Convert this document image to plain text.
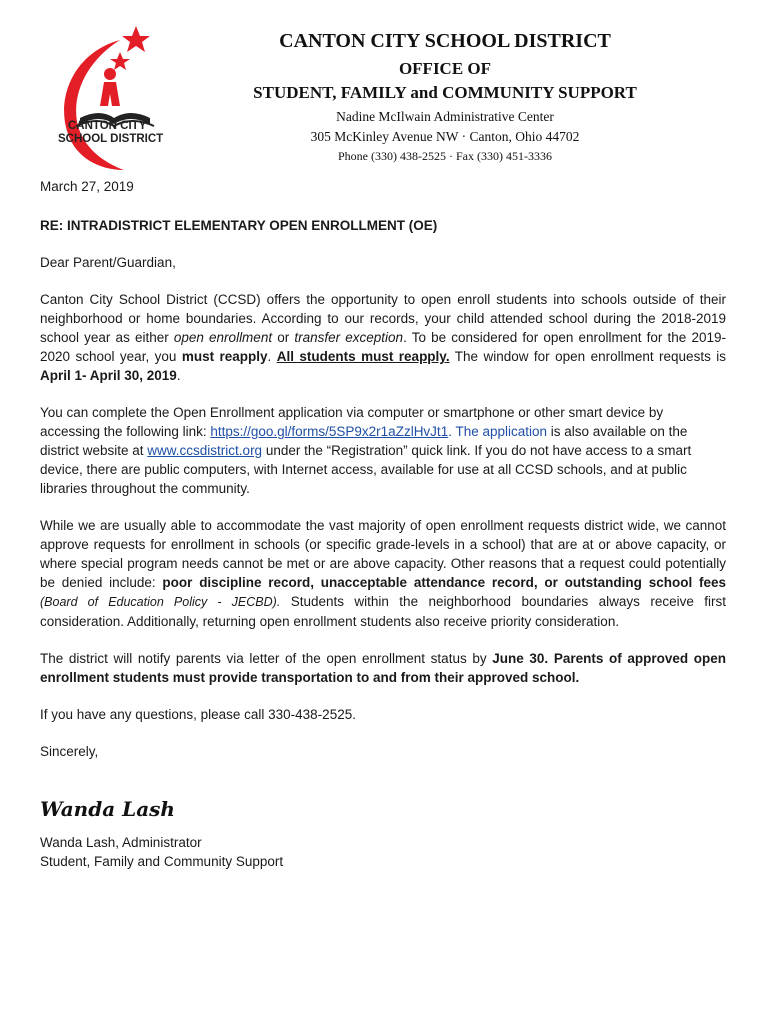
CANTON CITY
SCHOOL DISTRICT
CANTON CITY SCHOOL DISTRICT
OFFICE OF
STUDENT, FAMILY and COMMUNITY SUPPORT
Nadine McIlwain Administrative Center
305 McKinley Avenue NW · Canton, Ohio 44702
Phone (330) 438-2525 · Fax (330) 451-3336

March 27, 2019

RE: INTRADISTRICT ELEMENTARY OPEN ENROLLMENT (OE)

Dear Parent/Guardian,

Canton City School District (CCSD) offers the opportunity to open enroll students into schools outside of their neighborhood or home boundaries. According to our records, your child attended school during the 2018-2019 school year as either open enrollment or transfer exception. To be considered for open enrollment for the 2019-2020 school year, you must reapply. All students must reapply. The window for open enrollment requests is April 1- April 30, 2019.

You can complete the Open Enrollment application via computer or smartphone or other smart device by accessing the following link: https://goo.gl/forms/5SP9x2r1aZzlHvJt1. The application is also available on the district website at www.ccsdistrict.org under the “Registration” quick link. If you do not have access to a smart device, there are public computers, with Internet access, available for use at all CCSD schools, and at public libraries throughout the community.

While we are usually able to accommodate the vast majority of open enrollment requests district wide, we cannot approve requests for enrollment in schools (or specific grade-levels in a school) that are at or above capacity, or where special program needs cannot be met or are above capacity. Other reasons that a request could potentially be denied include: poor discipline record, unacceptable attendance record, or outstanding school fees (Board of Education Policy - JECBD). Students within the neighborhood boundaries always receive first consideration. Additionally, returning open enrollment students also receive priority consideration.

The district will notify parents via letter of the open enrollment status by June 30. Parents of approved open enrollment students must provide transportation to and from their approved school.

If you have any questions, please call 330-438-2525.

Sincerely,

Wanda Lash
Wanda Lash, Administrator
Student, Family and Community Support
